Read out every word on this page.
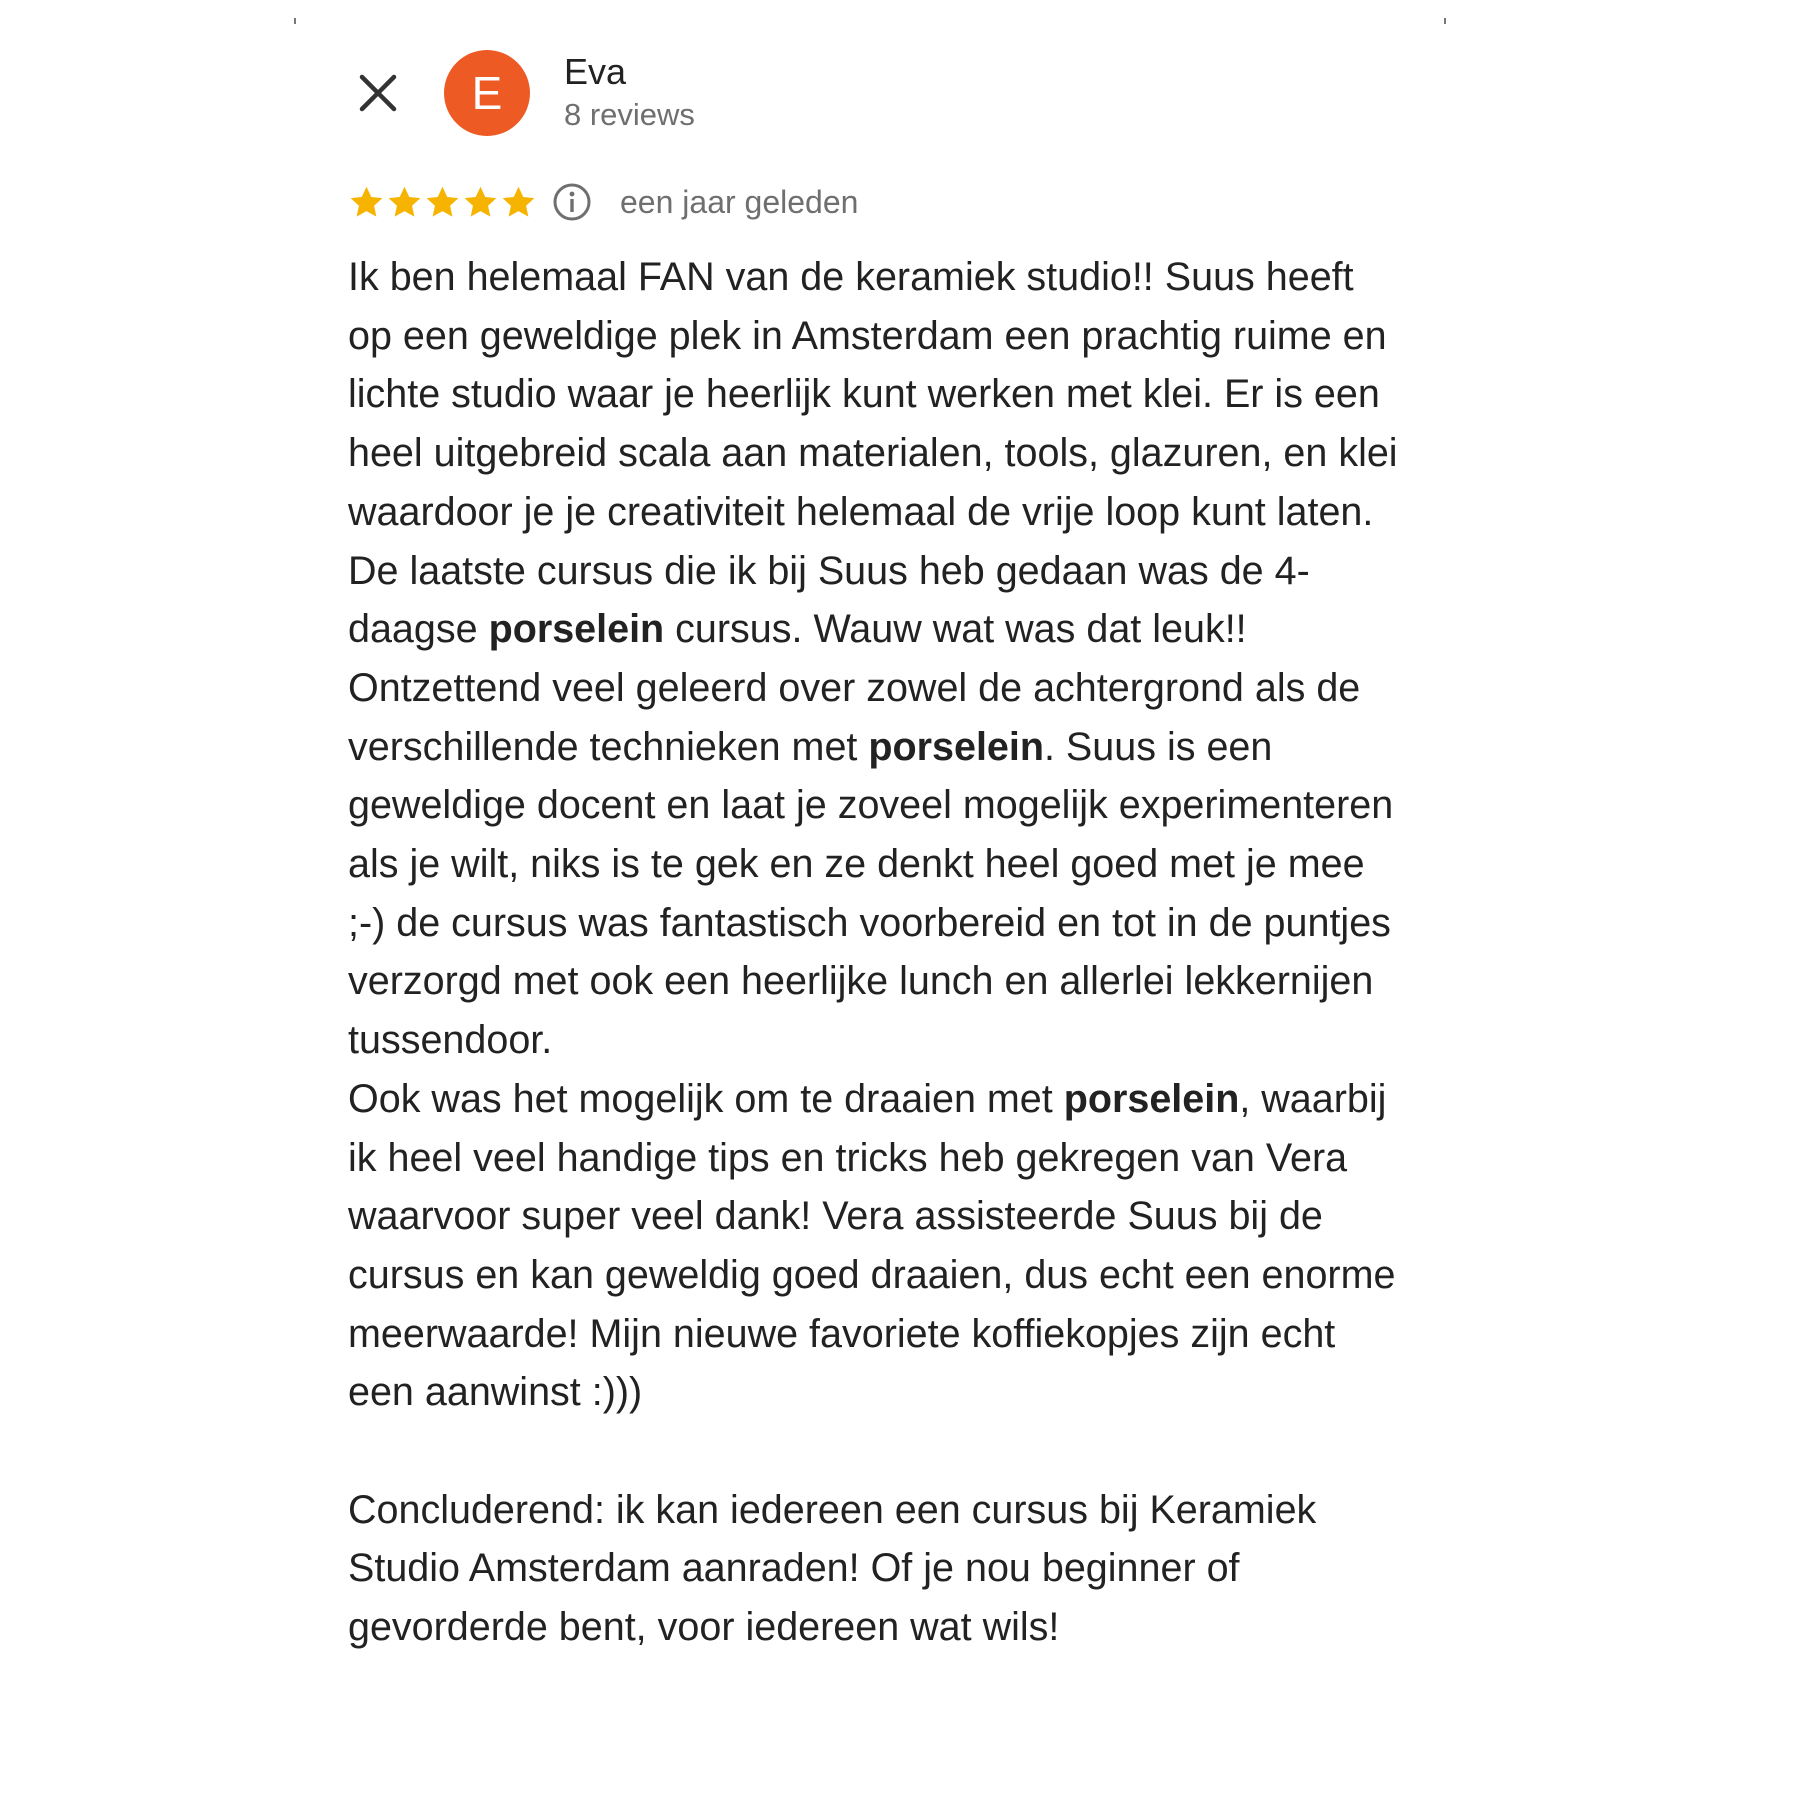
E Eva
8 reviews
een jaar geleden
Ik ben helemaal FAN van de keramiek studio!! Suus heeft op een geweldige plek in Amsterdam een prachtig ruime en lichte studio waar je heerlijk kunt werken met klei. Er is een heel uitgebreid scala aan materialen, tools, glazuren, en klei waardoor je je creativiteit helemaal de vrije loop kunt laten.
De laatste cursus die ik bij Suus heb gedaan was de 4-daagse porselein cursus. Wauw wat was dat leuk!! Ontzettend veel geleerd over zowel de achtergrond als de verschillende technieken met porselein. Suus is een geweldige docent en laat je zoveel mogelijk experimenteren als je wilt, niks is te gek en ze denkt heel goed met je mee ;-) de cursus was fantastisch voorbereid en tot in de puntjes verzorgd met ook een heerlijke lunch en allerlei lekkernijen tussendoor.
Ook was het mogelijk om te draaien met porselein, waarbij ik heel veel handige tips en tricks heb gekregen van Vera waarvoor super veel dank! Vera assisteerde Suus bij de cursus en kan geweldig goed draaien, dus echt een enorme meerwaarde! Mijn nieuwe favoriete koffiekopjes zijn echt een aanwinst :)))

Concluderend: ik kan iedereen een cursus bij Keramiek Studio Amsterdam aanraden! Of je nou beginner of gevorderde bent, voor iedereen wat wils!
